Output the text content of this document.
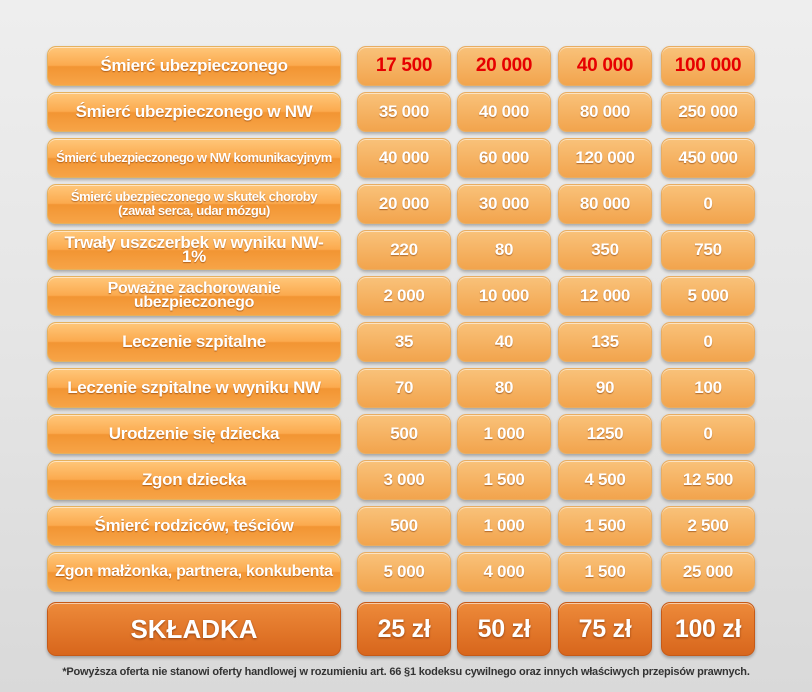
Śmierć ubezpieczonego	17 500	20 000	40 000	100 000
Śmierć ubezpieczonego w NW	35 000	40 000	80 000	250 000
Śmierć ubezpieczonego w NW komunikacyjnym	40 000	60 000	120 000	450 000
Śmierć ubezpieczonego w skutek choroby
(zawał serca, udar mózgu)	20 000	30 000	80 000	0
Trwały uszczerbek w wyniku NW- 1%	220	80	350	750
Poważne zachorowanie ubezpieczonego	2 000	10 000	12 000	5 000
Leczenie szpitalne	35	40	135	0
Leczenie szpitalne w wyniku NW	70	80	90	100
Urodzenie się dziecka	500	1 000	1250	0
Zgon dziecka	3 000	1 500	4 500	12 500
Śmierć rodziców, teściów	500	1 000	1 500	2 500
Zgon małżonka, partnera, konkubenta	5 000	4 000	1 500	25 000
SKŁADKA	25 zł	50 zł	75 zł	100 zł
*Powyższa oferta nie stanowi oferty handlowej w rozumieniu art. 66 §1 kodeksu cywilnego oraz innych właściwych przepisów prawnych.
